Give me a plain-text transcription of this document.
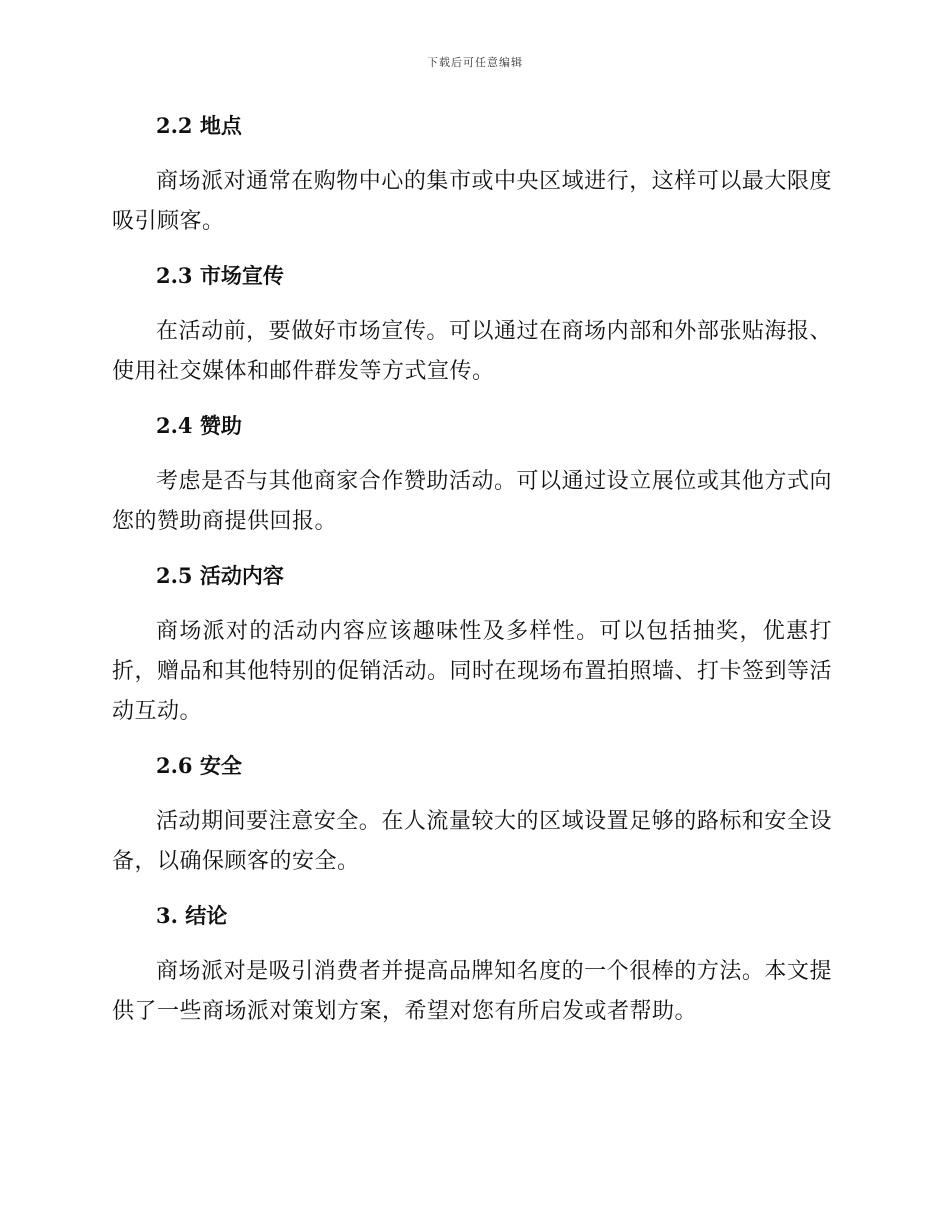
下载后可任意编辑
2.2 地点

商场派对通常在购物中心的集市或中央区域进行，这样可以最大限度吸引顾客。

2.3 市场宣传

在活动前，要做好市场宣传。可以通过在商场内部和外部张贴海报、使用社交媒体和邮件群发等方式宣传。

2.4 赞助

考虑是否与其他商家合作赞助活动。可以通过设立展位或其他方式向您的赞助商提供回报。

2.5 活动内容

商场派对的活动内容应该趣味性及多样性。可以包括抽奖，优惠打折，赠品和其他特别的促销活动。同时在现场布置拍照墙、打卡签到等活动互动。

2.6 安全

活动期间要注意安全。在人流量较大的区域设置足够的路标和安全设备，以确保顾客的安全。

3. 结论

商场派对是吸引消费者并提高品牌知名度的一个很棒的方法。本文提供了一些商场派对策划方案，希望对您有所启发或者帮助。
